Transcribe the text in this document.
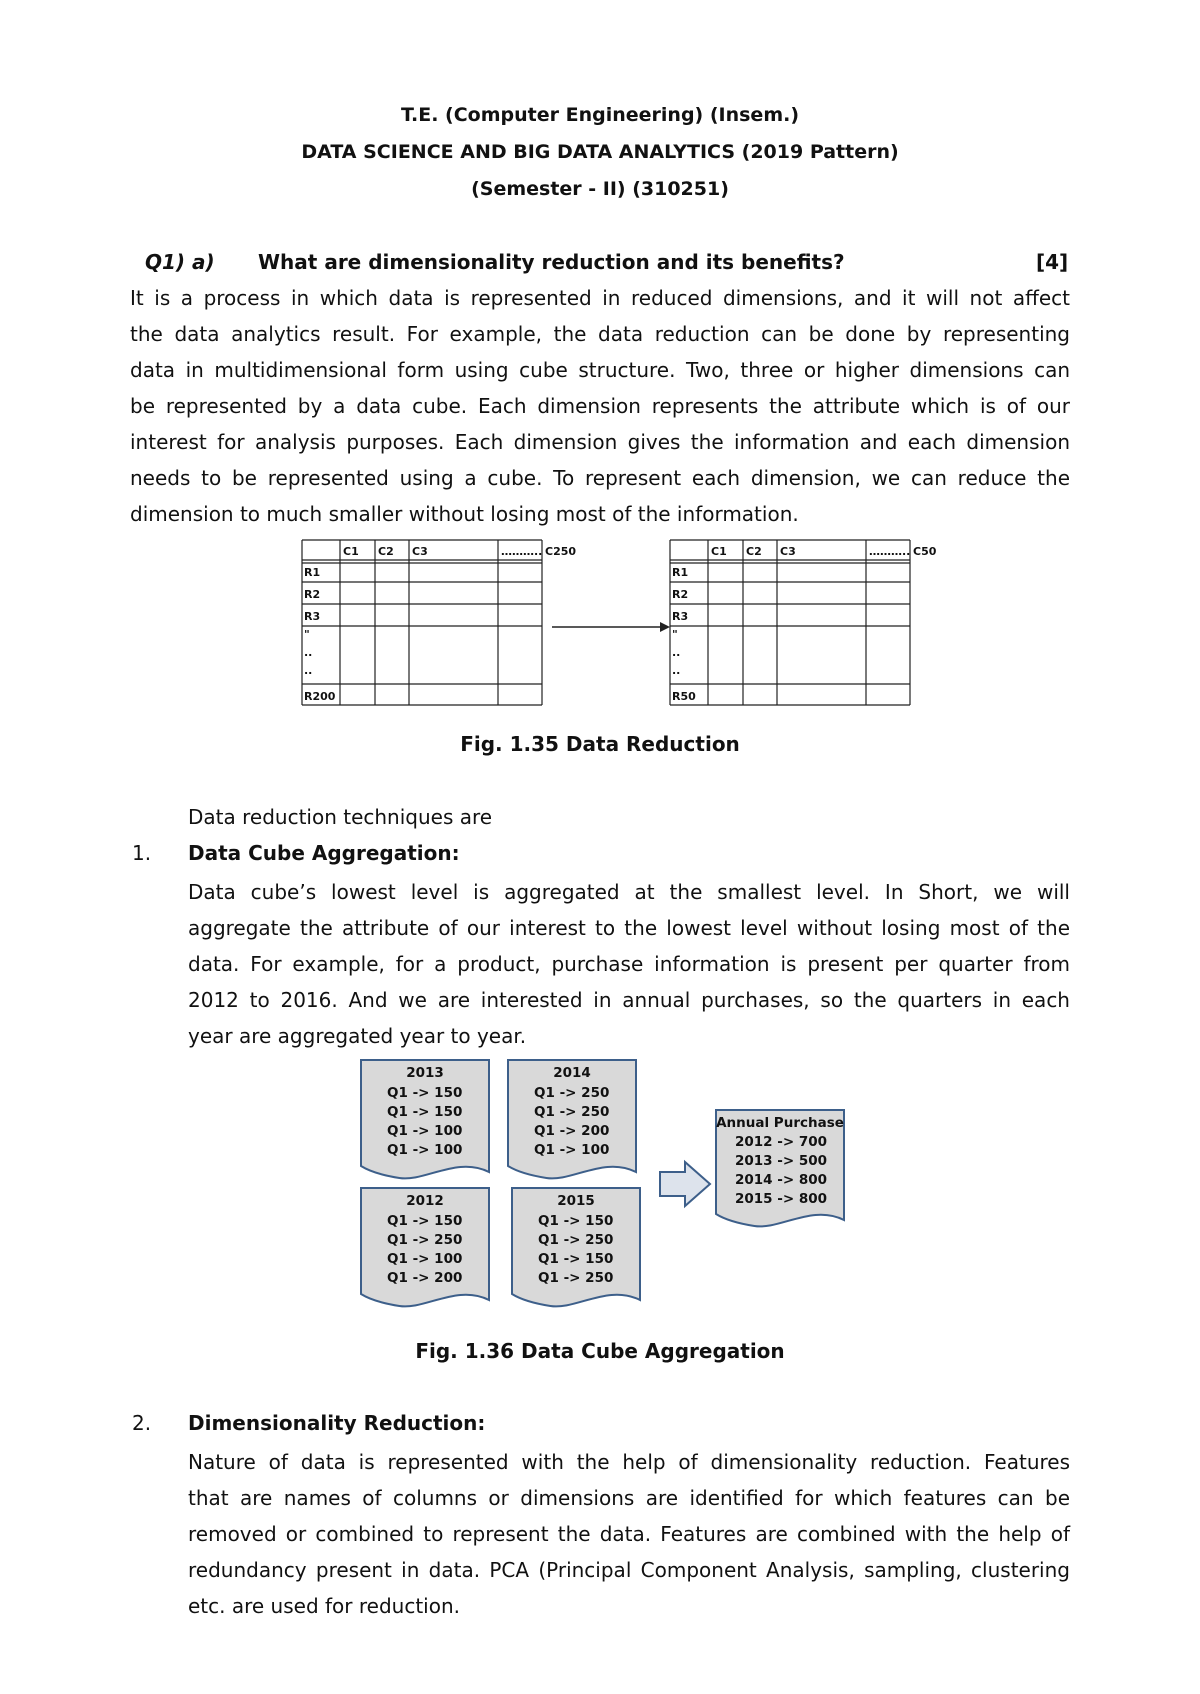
T.E. (Computer Engineering) (Insem.)
DATA SCIENCE AND BIG DATA ANALYTICS (2019 Pattern)
(Semester - II) (310251)
Q1) a) What are dimensionality reduction and its benefits?	[4]
It is a process in which data is represented in reduced dimensions, and it will not affect
the data analytics result. For example, the data reduction can be done by representing
data in multidimensional form using cube structure. Two, three or higher dimensions can
be represented by a data cube. Each dimension represents the attribute which is of our
interest for analysis purposes. Each dimension gives the information and each dimension
needs to be represented using a cube. To represent each dimension, we can reduce the
dimension to much smaller without losing most of the information.
C1 C2 C3	……….. C250
R1
R2
R3
"
..
..
R200
C1 C2 C3	……….. C50
R1
R2
R3
"
..
..
R50
Fig. 1.35 Data Reduction
Data reduction techniques are
1. Data Cube Aggregation:
Data cube’s lowest level is aggregated at the smallest level. In Short, we will
aggregate the attribute of our interest to the lowest level without losing most of the
data. For example, for a product, purchase information is present per quarter from
2012 to 2016. And we are interested in annual purchases, so the quarters in each
year are aggregated year to year.
2013
Q1 -> 150
Q1 -> 150
Q1 -> 100
Q1 -> 100
2014
Q1 -> 250
Q1 -> 250
Q1 -> 200
Q1 -> 100
2012
Q1 -> 150
Q1 -> 250
Q1 -> 100
Q1 -> 200
2015
Q1 -> 150
Q1 -> 250
Q1 -> 150
Q1 -> 250
Annual Purchase
2012 -> 700
2013 -> 500
2014 -> 800
2015 -> 800
Fig. 1.36 Data Cube Aggregation
2. Dimensionality Reduction:
Nature of data is represented with the help of dimensionality reduction. Features
that are names of columns or dimensions are identified for which features can be
removed or combined to represent the data. Features are combined with the help of
redundancy present in data. PCA (Principal Component Analysis, sampling, clustering
etc. are used for reduction.
